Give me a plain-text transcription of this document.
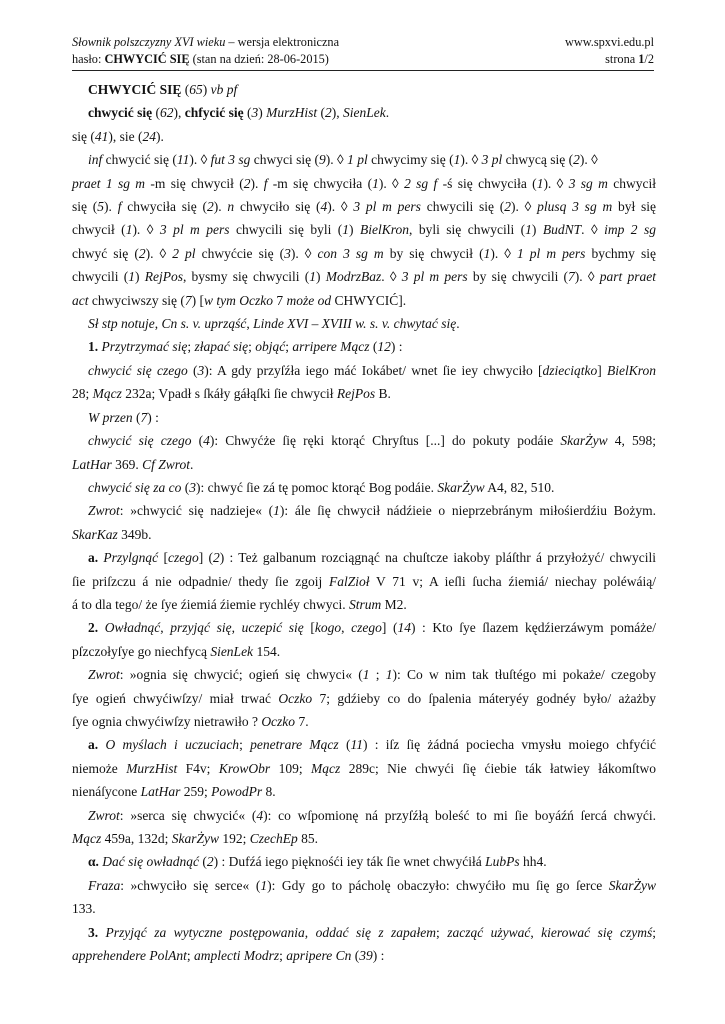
Słownik polszczyzny XVI wieku – wersja elektroniczna	www.spxvi.edu.pl
hasło: CHWYCIĆ SIĘ (stan na dzień: 28-06-2015)	strona 1/2
CHWYCIĆ SIĘ (65) vb pf
chwycić się (62), chfycić się (3) MurzHist (2), SienLek.
się (41), sie (24).
inf chwycić się (11). ◊ fut 3 sg chwyci się (9). ◊ 1 pl chwycimy się (1). ◊ 3 pl chwycą się (2). ◊
praet 1 sg m -m się chwycił (2). f -m się chwyciła (1). ◊ 2 sg f -ś się chwyciła (1). ◊ 3 sg m chwycił
się (5). f chwyciła się (2). n chwyciło się (4). ◊ 3 pl m pers chwycili się (2). ◊ plusq 3 sg m był się
chwycił (1). ◊ 3 pl m pers chwycili się byli (1) BielKron, byli się chwycili (1) BudNT. ◊ imp 2 sg
chwyć się (2). ◊ 2 pl chwyćcie się (3). ◊ con 3 sg m by się chwycił (1). ◊ 1 pl m pers bychmy się
chwycili (1) RejPos, bysmy się chwycili (1) ModrzBaz. ◊ 3 pl m pers by się chwycili (7). ◊ part praet
act chwyciwszy się (7) [w tym Oczko 7 może od CHWYCIĆ].
Sł stp notuje, Cn s. v. uprząść, Linde XVI – XVIII w. s. v. chwytać się.
1. Przytrzymać się; złapać się; objąć; arripere Mącz (12) :
chwycić się czego (3): A gdy przyſźła iego máć Iokábet/ wnet ſie iey chwyciło [dzieciątko] BielKron
28; Mącz 232a; Vpadł s ſkáły gáłąſki ſie chwycił RejPos B.
W przen (7) :
chwycić się czego (4): Chwyćże ſię ręki ktorąć Chryſtus [...] do pokuty podáie SkarŻyw 4, 598;
LatHar 369. Cf Zwrot.
chwycić się za co (3): chwyć ſie zá tę pomoc ktorąć Bog podáie. SkarŻyw A4, 82, 510.
Zwrot: »chwycić się nadzieje« (1): ále ſię chwycił nádźieie o nieprzebránym miłośierdźiu Bożym.
SkarKaz 349b.
a. Przylgnąć [czego] (2) : Też galbanum rozciągnąć na chuſtcze iakoby pláſthr á przyłożyć/ chwycili
ſie priſzczu á nie odpadnie/ thedy ſie zgoij FalZioł V 71 v; A ieſli ſucha źiemiá/ niechay poléwáią/
á to dla tego/ że ſye źiemiá źiemie rychléy chwyci. Strum M2.
2. Owładnąć, przyjąć się, uczepić się [kogo, czego] (14) : Kto ſye ſlazem kędźierzáwym pomáże/
pſzczołyſye go niechfycą SienLek 154.
Zwrot: »ognia się chwycić; ogień się chwyci« (1 ; 1): Co w nim tak tłuſtégo mi pokaże/ czegoby
ſye ogień chwyćiwſzy/ miał trwać Oczko 7; gdźieby co do ſpalenia máteryéy godnéy było/ ażażby
ſye ognia chwyćiwſzy nietrawiło ? Oczko 7.
a. O myślach i uczuciach; penetrare Mącz (11) : iſz ſię żádná pociecha vmysłu moiego chfyćić
niemoże MurzHist F4v; KrowObr 109; Mącz 289c; Nie chwyći ſię ćiebie ták łatwiey łákomſtwo
nienáſycone LatHar 259; PowodPr 8.
Zwrot: »serca się chwycić« (4): co wſpomionę ná przyſźłą boleść to mi ſie boyáźń ſercá chwyći.
Mącz 459a, 132d; SkarŻyw 192; CzechEp 85.
α. Dać się owładnąć (2) : Dufźá iego pięknośći iey ták ſie wnet chwyćiłá LubPs hh4.
Fraza: »chwyciło się serce« (1): Gdy go to pácholę obaczyło: chwyćiło mu ſię go ſerce SkarŻyw
133.
3. Przyjąć za wytyczne postępowania, oddać się z zapałem; zacząć używać, kierować się czymś;
apprehendere PolAnt; amplecti Modrz; apripere Cn (39) :
